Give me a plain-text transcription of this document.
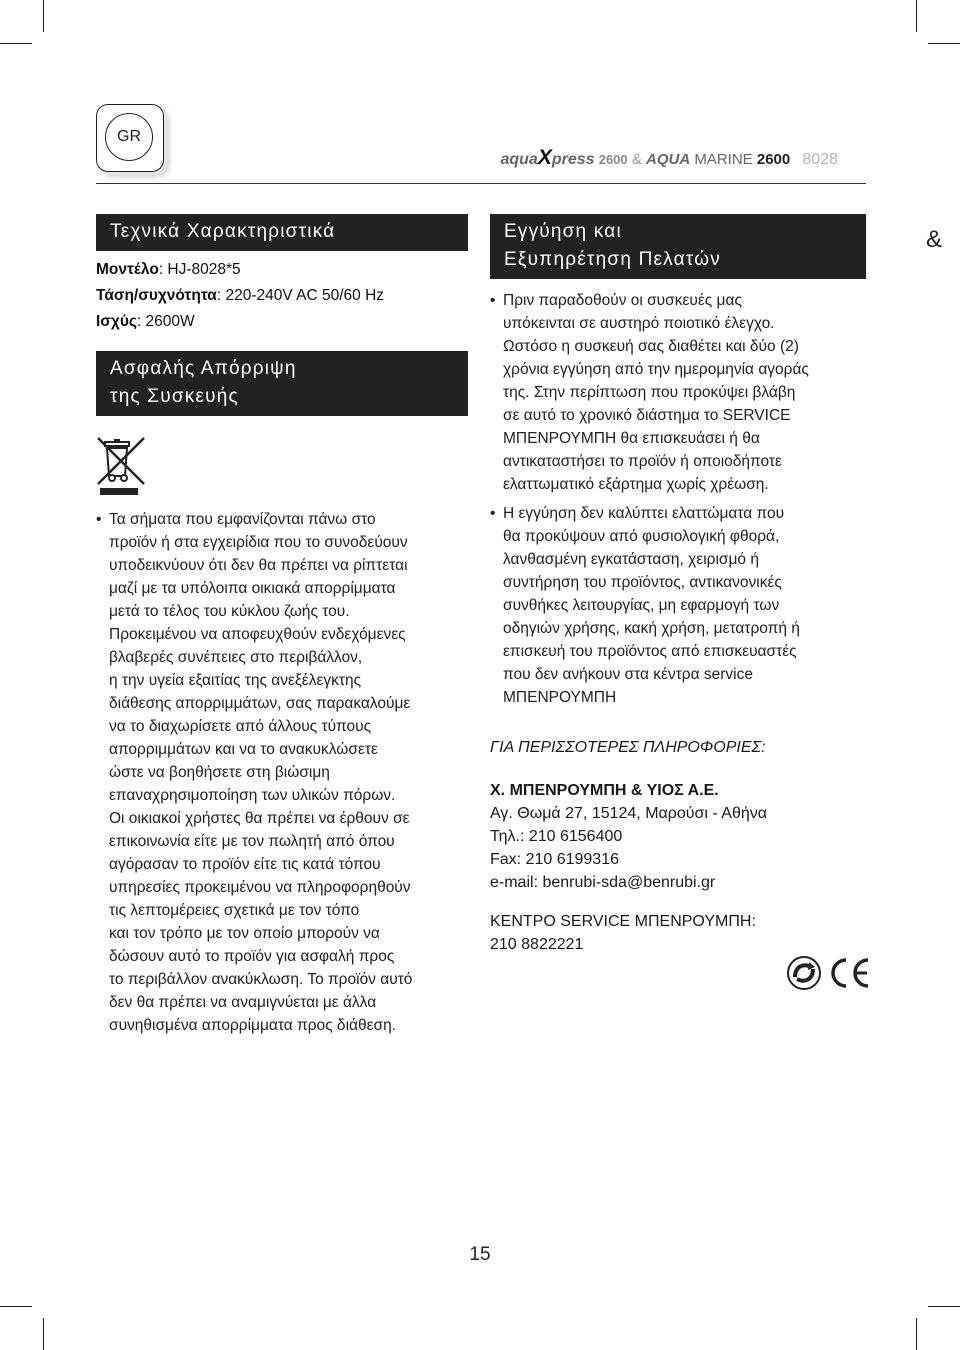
GR
aquaXpress 2600 & AQUA MARINE 2600 8028
&
Τεχνικά Χαρακτηριστικά
Μοντέλο: HJ-8028*5
Τάση/συχνότητα: 220-240V AC 50/60 Hz
Ισχύς: 2600W
Ασφαλής Απόρριψη
της Συσκευής
• Τα σήματα που εμφανίζονται πάνω στο
προϊόν ή στα εγχειρίδια που το συνοδεύουν
υποδεικνύουν ότι δεν θα πρέπει να ρίπτεται
μαζί με τα υπόλοιπα οικιακά απορρίμματα
μετά το τέλος του κύκλου ζωής του.
Προκειμένου να αποφευχθούν ενδεχόμενες
βλαβερές συνέπειες στο περιβάλλον,
η την υγεία εξαιτίας της ανεξέλεγκτης
διάθεσης απορριμμάτων, σας παρακαλούμε
να το διαχωρίσετε από άλλους τύπους
απορριμμάτων και να το ανακυκλώσετε
ώστε να βοηθήσετε στη βιώσιμη
επαναχρησιμοποίηση των υλικών πόρων.
Οι οικιακοί χρήστες θα πρέπει να έρθουν σε
επικοινωνία είτε με τον πωλητή από όπου
αγόρασαν το προϊόν είτε τις κατά τόπου
υπηρεσίες προκειμένου να πληροφορηθούν
τις λεπτομέρειες σχετικά με τον τόπο
και τον τρόπο με τον οποίο μπορούν να
δώσουν αυτό το προϊόν για ασφαλή προς
το περιβάλλον ανακύκλωση. Το προϊόν αυτό
δεν θα πρέπει να αναμιγνύεται με άλλα
συνηθισμένα απορρίμματα προς διάθεση.
Εγγύηση και
Εξυπηρέτηση Πελατών
• Πριν παραδοθούν οι συσκευές μας
υπόκεινται σε αυστηρό ποιοτικό έλεγχο.
Ωστόσο η συσκευή σας διαθέτει και δύο (2)
χρόνια εγγύηση από την ημερομηνία αγοράς
της. Στην περίπτωση που προκύψει βλάβη
σε αυτό το χρονικό διάστημα το SERVICE
ΜΠΕΝΡΟΥΜΠΗ θα επισκευάσει ή θα
αντικαταστήσει το προϊόν ή οποιοδήποτε
ελαττωματικό εξάρτημα χωρίς χρέωση.
• Η εγγύηση δεν καλύπτει ελαττώματα που
θα προκύψουν από φυσιολογική φθορά,
λανθασμένη εγκατάσταση, χειρισμό ή
συντήρηση του προϊόντος, αντικανονικές
συνθήκες λειτουργίας, μη εφαρμογή των
οδηγιών χρήσης, κακή χρήση, μετατροπή ή
επισκευή του προϊόντος από επισκευαστές
που δεν ανήκουν στα κέντρα service
ΜΠΕΝΡΟΥΜΠΗ
ΓΙΑ ΠΕΡΙΣΣΟΤΕΡΕΣ ΠΛΗΡΟΦΟΡΙΕΣ:
Χ. ΜΠΕΝΡΟΥΜΠΗ & ΥΙΟΣ Α.Ε.
Αγ. Θωμά 27, 15124, Μαρούσι - Αθήνα
Τηλ.: 210 6156400
Fax: 210 6199316
e-mail: benrubi-sda@benrubi.gr
ΚΕΝΤΡΟ SERVICE ΜΠΕΝΡΟΥΜΠΗ:
210 8822221

15
